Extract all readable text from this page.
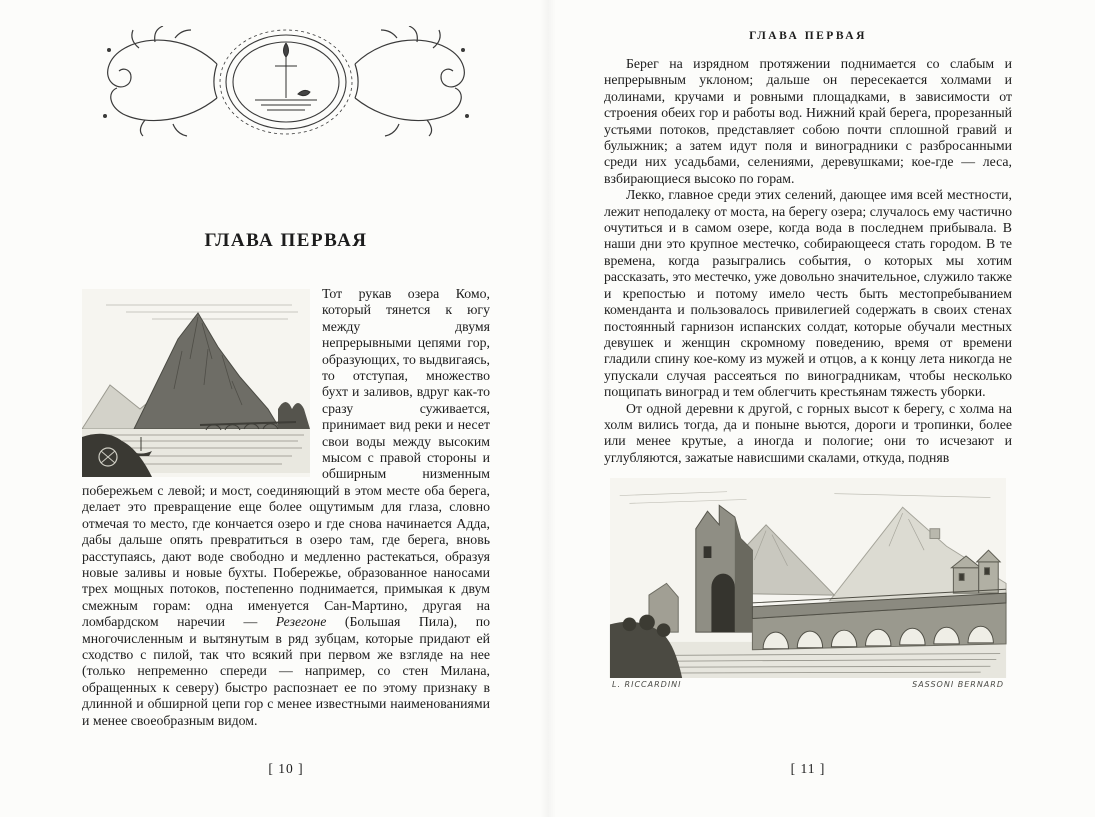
ГЛАВА ПЕРВАЯ
Тот рукав озера Комо, который тянется к югу между двумя непрерывными цепями гор, образующих, то выдвигаясь, то отступая, множество бухт и заливов, вдруг как-то сразу суживается, принимает вид реки и несет свои воды между высоким мысом с правой стороны и обширным низменным побережьем с левой; и мост, соединяющий в этом месте оба берега, делает это превращение еще более ощутимым для глаза, словно отмечая то место, где кончается озеро и где снова начинается Адда, дабы дальше опять превратиться в озеро там, где берега, вновь расступаясь, дают воде свободно и медленно растекаться, образуя новые заливы и новые бухты. Побережье, образованное наносами трех мощных потоков, постепенно поднимается, примыкая к двум смежным горам: одна именуется Сан-Мартино, другая на ломбардском наречии — Резегоне (Большая Пила), по многочисленным и вытянутым в ряд зубцам, которые придают ей сходство с пилой, так что всякий при первом же взгляде на нее (только непременно спереди — например, со стен Милана, обращенных к северу) быстро распознает ее по этому признаку в длинной и обширной цепи гор с менее известными наименованиями и менее своеобразным видом.
[ 10 ]
ГЛАВА ПЕРВАЯ

Берег на изрядном протяжении поднимается со слабым и непрерывным уклоном; дальше он пересекается холмами и долинами, кручами и ровными площадками, в зависимости от строения обеих гор и работы вод. Нижний край берега, прорезанный устьями потоков, представляет собою почти сплошной гравий и булыжник; а затем идут поля и виноградники с разбросанными среди них усадьбами, селениями, деревушками; кое-где — леса, взбирающиеся высоко по горам.

Лекко, главное среди этих селений, дающее имя всей местности, лежит неподалеку от моста, на берегу озера; случалось ему частично очутиться и в самом озере, когда вода в последнем прибывала. В наши дни это крупное местечко, собирающееся стать городом. В те времена, когда разыгрались события, о которых мы хотим рассказать, это местечко, уже довольно значительное, служило также и крепостью и потому имело честь быть местопребыванием коменданта и пользовалось привилегией содержать в своих стенах постоянный гарнизон испанских солдат, которые обучали местных девушек и женщин скромному поведению, время от времени гладили спину кое-кому из мужей и отцов, а к концу лета никогда не упускали случая рассеяться по виноградникам, чтобы несколько пощипать виноград и тем облегчить крестьянам тяжесть уборки.

От одной деревни к другой, с горных высот к берегу, с холма на холм вились тогда, да и поныне вьются, дороги и тропинки, более или менее крутые, а иногда и пологие; они то исчезают и углубляются, зажатые нависшими скалами, откуда, подняв

L. RICCARDINI	SASSONI BERNARD
[ 11 ]
